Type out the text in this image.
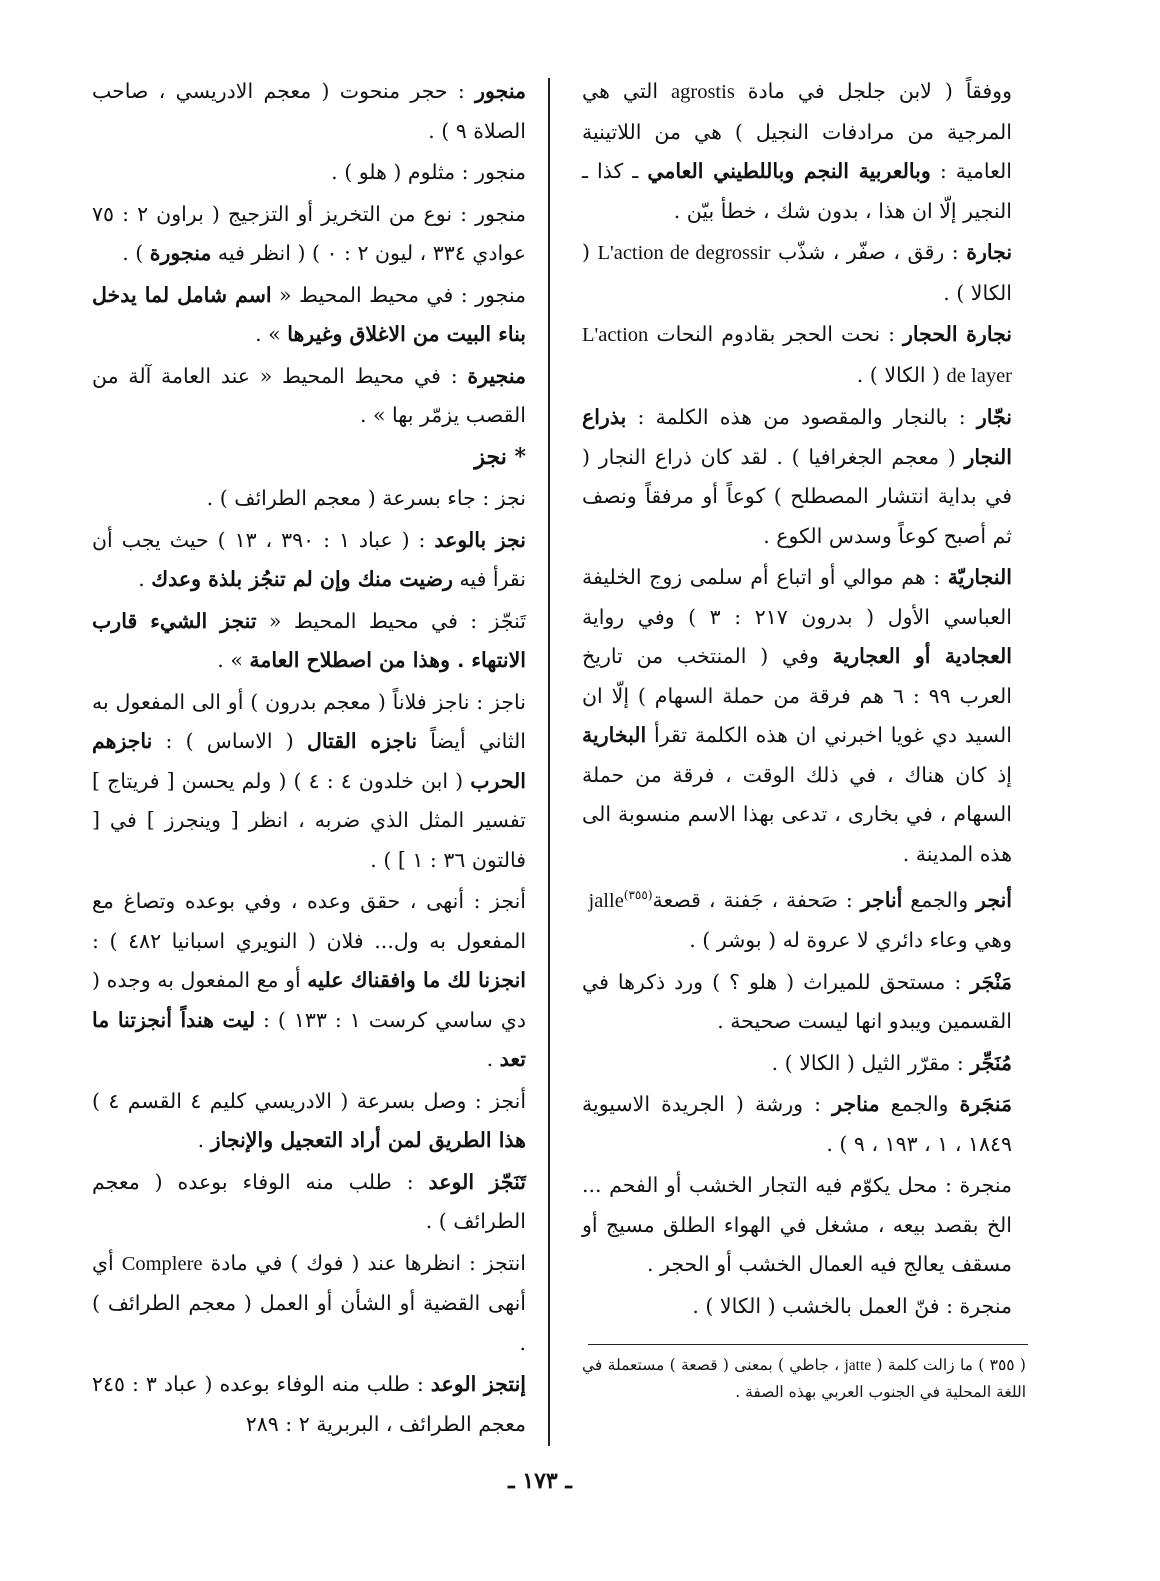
ووفقاً ( لابن جلجل في مادة agrostis التي هي المرجية من مرادفات النجيل ) هي من اللاتينية العامية : وبالعربية النجم وباللطيني العامي ـ كذا ـ النجير إلّا ان هذا ، بدون شك ، خطأ بيّن .

نجارة : رقق ، صفّر ، شذّب L'action de degrossir ( الكالا ) .

نجارة الحجار : نحت الحجر بقادوم النحات L'action de layer ( الكالا ) .

نجّار : بالنجار والمقصود من هذه الكلمة : بذراع النجار ( معجم الجغرافيا ) . لقد كان ذراع النجار ( في بداية انتشار المصطلح ) كوعاً أو مرفقاً ونصف ثم أصبح كوعاً وسدس الكوع .

النجاريّة : هم موالي أو اتباع أم سلمى زوج الخليفة العباسي الأول ( بدرون ٢١٧ : ٣ ) وفي رواية العجادية أو العجارية وفي ( المنتخب من تاريخ العرب ٩٩ : ٦ هم فرقة من حملة السهام ) إلّا ان السيد دي غويا اخبرني ان هذه الكلمة تقرأ البخارية إذ كان هناك ، في ذلك الوقت ، فرقة من حملة السهام ، في بخارى ، تدعى بهذا الاسم منسوبة الى هذه المدينة .

أنجر والجمع أناجر : صَحفة ، جَفنة ، قصعة$^{(٣٥٥)}$ jalle وهي وعاء دائري لا عروة له ( بوشر ) .

مَنْجَر : مستحق للميراث ( هلو ؟ ) ورد ذكرها في القسمين ويبدو انها ليست صحيحة .

مُنَجِّر : مقرّر الثيل ( الكالا ) .

مَنجَرة والجمع مناجر : ورشة ( الجريدة الاسيوية ١٨٤٩ ، ١ ، ١٩٣ ، ٩ ) .

منجرة : محل يكوّم فيه التجار الخشب أو الفحم ... الخ بقصد بيعه ، مشغل في الهواء الطلق مسيج أو مسقف يعالج فيه العمال الخشب أو الحجر .

منجرة : فنّ العمل بالخشب ( الكالا ) .

( ٣٥٥ ) ما زالت كلمة ( jatte ، جاطي ) بمعنى ( قصعة ) مستعملة في اللغة المحلية في الجنوب العربي بهذه الصفة .

منجور : حجر منحوت ( معجم الادريسي ، صاحب الصلاة ٩ ) .

منجور : مثلوم ( هلو ) .

منجور : نوع من التخريز أو التزجيج ( براون ٢ : ٧٥ عوادي ٣٣٤ ، ليون ٢ : ٠ ) ( انظر فيه منجورة ) .

منجور : في محيط المحيط « اسم شامل لما يدخل بناء البيت من الاغلاق وغيرها » .

منجيرة : في محيط المحيط « عند العامة آلة من القصب يزمّر بها » .

* نجز

نجز : جاء بسرعة ( معجم الطرائف ) .

نجز بالوعد : ( عباد ١ : ٣٩٠ ، ١٣ ) حيث يجب أن نقرأ فيه رضيت منك وإن لم تنجُز بلذة وعدك .

تَنجّز : في محيط المحيط « تنجز الشيء قارب الانتهاء . وهذا من اصطلاح العامة » .

ناجز : ناجز فلاناً ( معجم بدرون ) أو الى المفعول به الثاني أيضاً ناجزه القتال ( الاساس ) : ناجزهم الحرب ( ابن خلدون ٤ : ٤ ) ( ولم يحسن [ فريتاج ] تفسير المثل الذي ضربه ، انظر [ وينجرز ] في [ فالتون ٣٦ : ١ ] ) .

أنجز : أنهى ، حقق وعده ، وفي بوعده وتصاغ مع المفعول به ول... فلان ( النويري اسبانيا ٤٨٢ ) : انجزنا لك ما وافقناك عليه أو مع المفعول به وجده ( دي ساسي كرست ١ : ١٣٣ ) : ليت هنداً أنجزتنا ما تعد .

أنجز : وصل بسرعة ( الادريسي كليم ٤ القسم ٤ ) هذا الطريق لمن أراد التعجيل والإنجاز .

تَنَجّز الوعد : طلب منه الوفاء بوعده ( معجم الطرائف ) .

انتجز : انظرها عند ( فوك ) في مادة Complere أي أنهى القضية أو الشأن أو العمل ( معجم الطرائف ) .

إنتجز الوعد : طلب منه الوفاء بوعده ( عباد ٣ : ٢٤٥ معجم الطرائف ، البربرية ٢ : ٢٨٩

ـ ١٧٣ ـ
